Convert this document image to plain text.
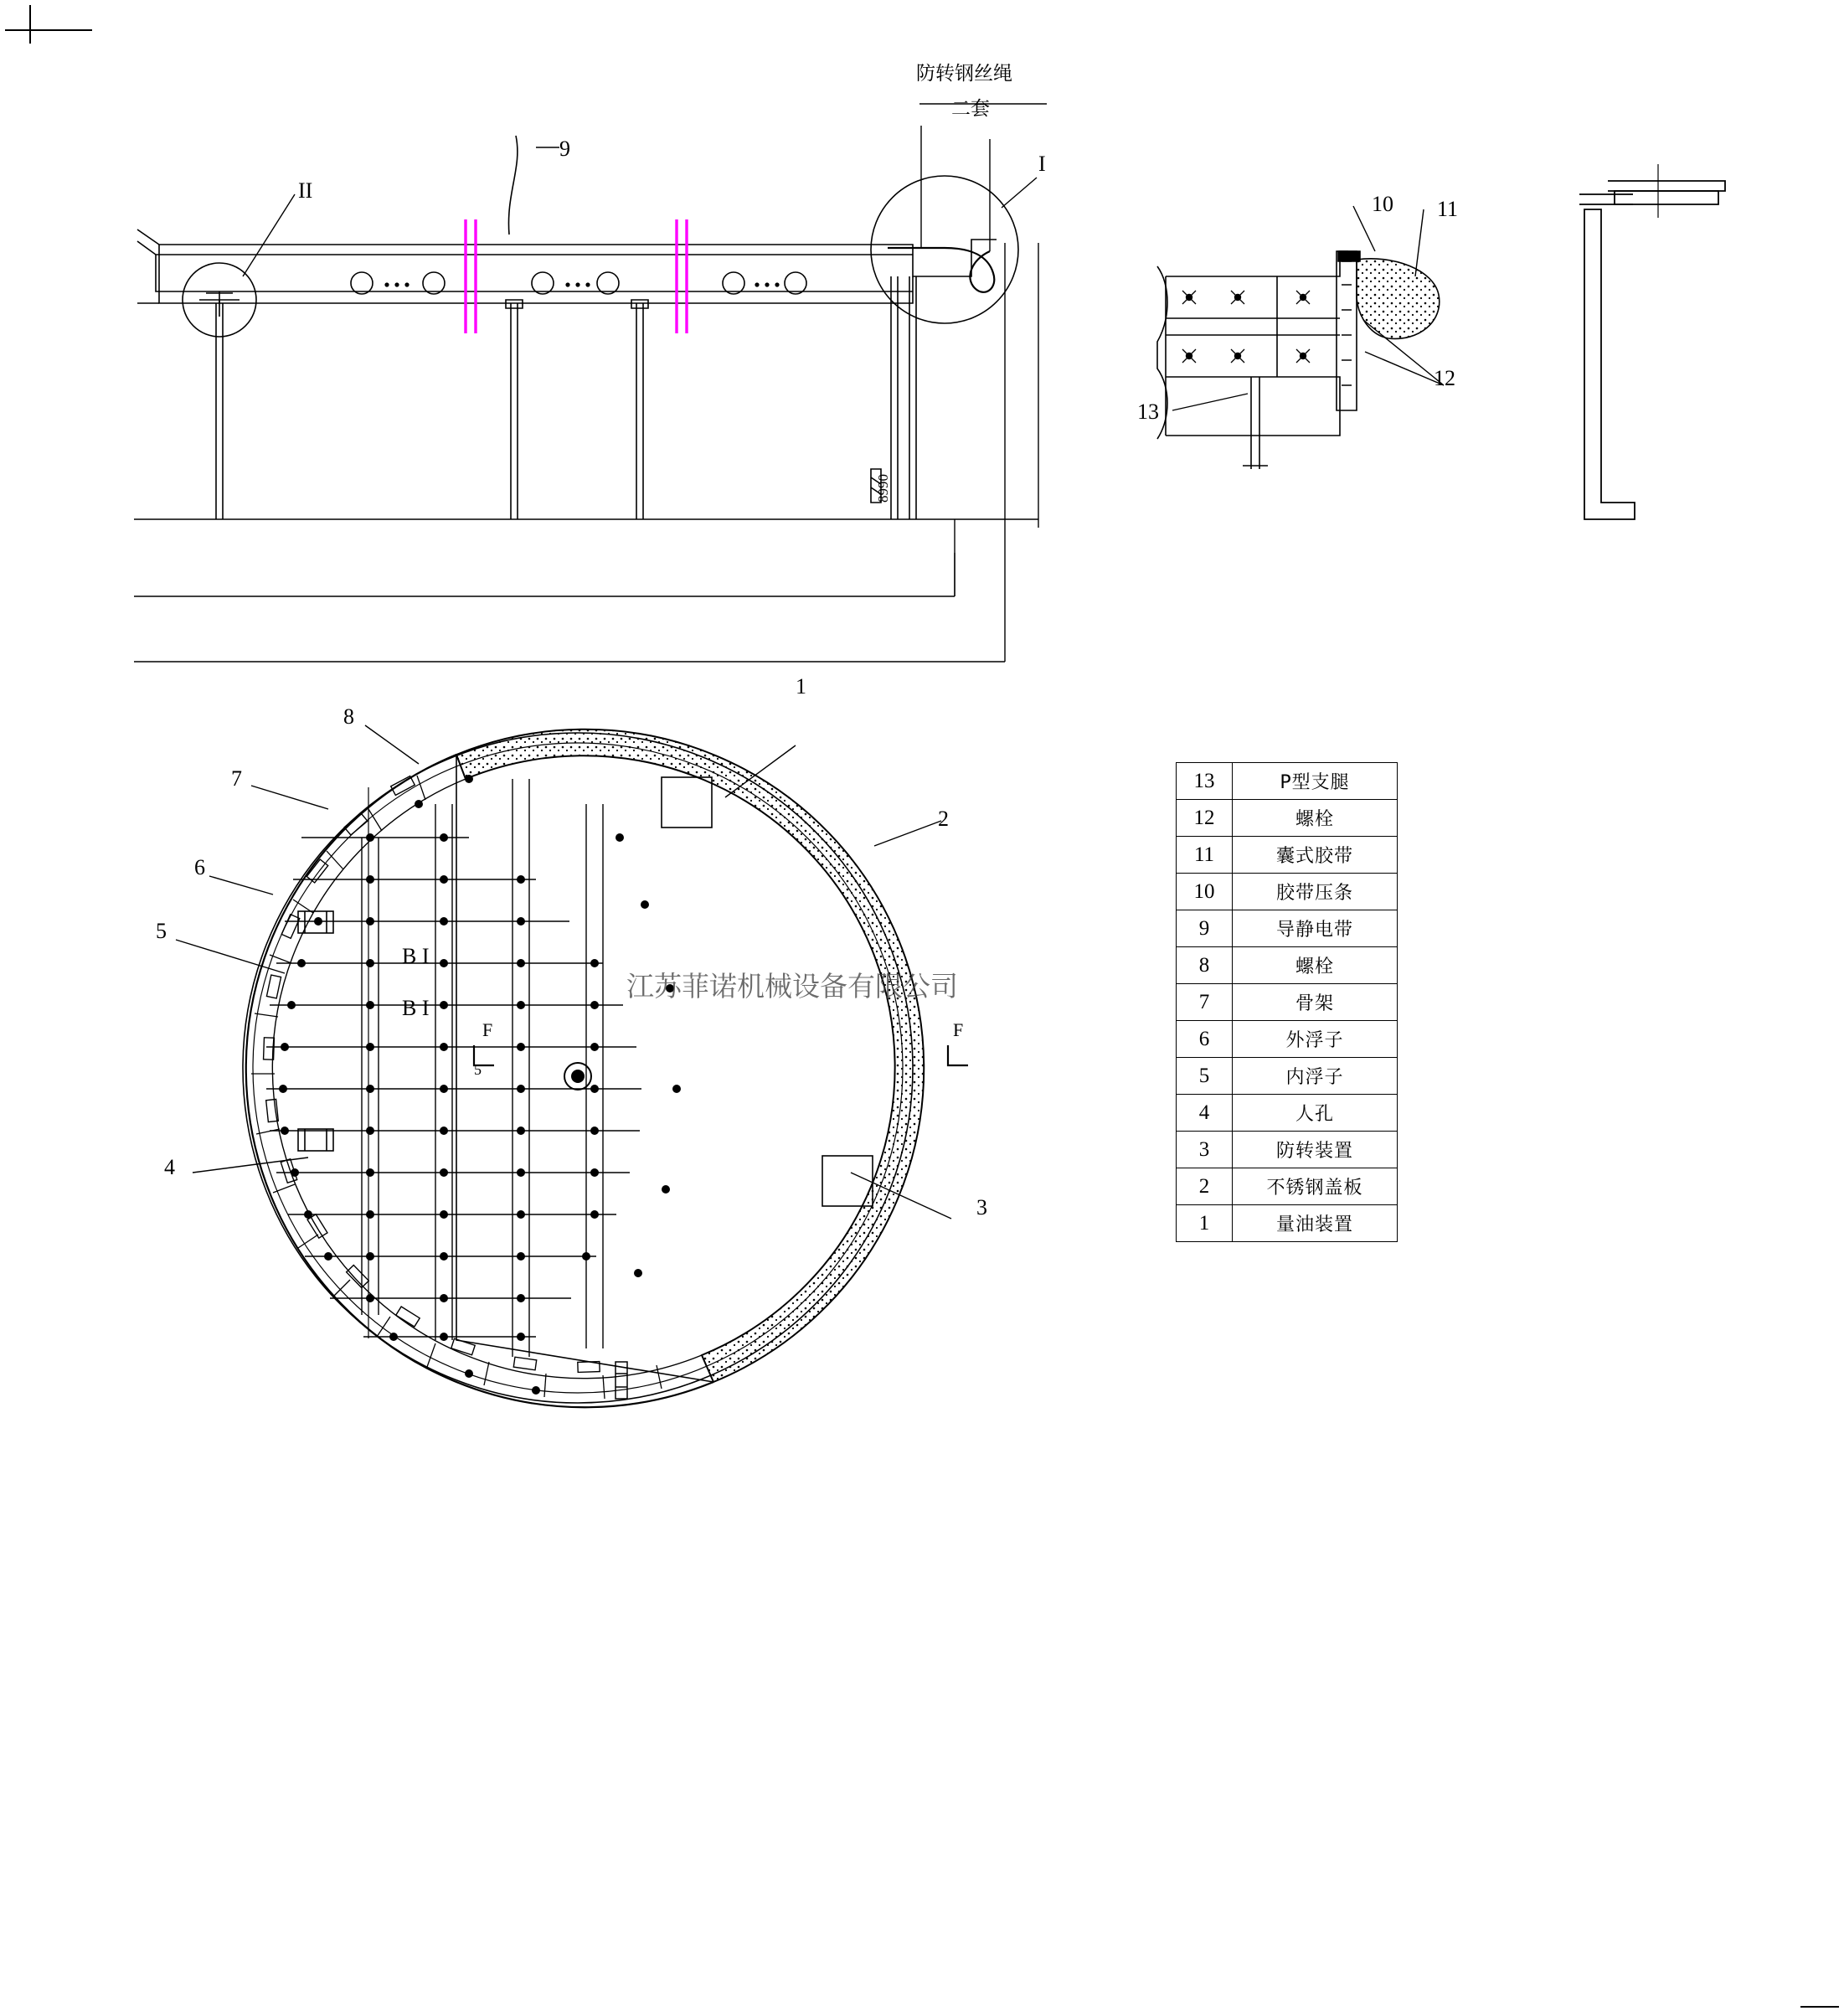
防转钢丝绳
二套
I
II
9
8990
10 11
12
13
1
2
3
4
5
6
7
8
B I
B I
F
5
F
江苏菲诺机械设备有限公司
13	P型支腿
12	螺栓
11	囊式胶带
10	胶带压条
9	导静电带
8	螺栓
7	骨架
6	外浮子
5	内浮子
4	人孔
3	防转装置
2	不锈钢盖板
1	量油装置
